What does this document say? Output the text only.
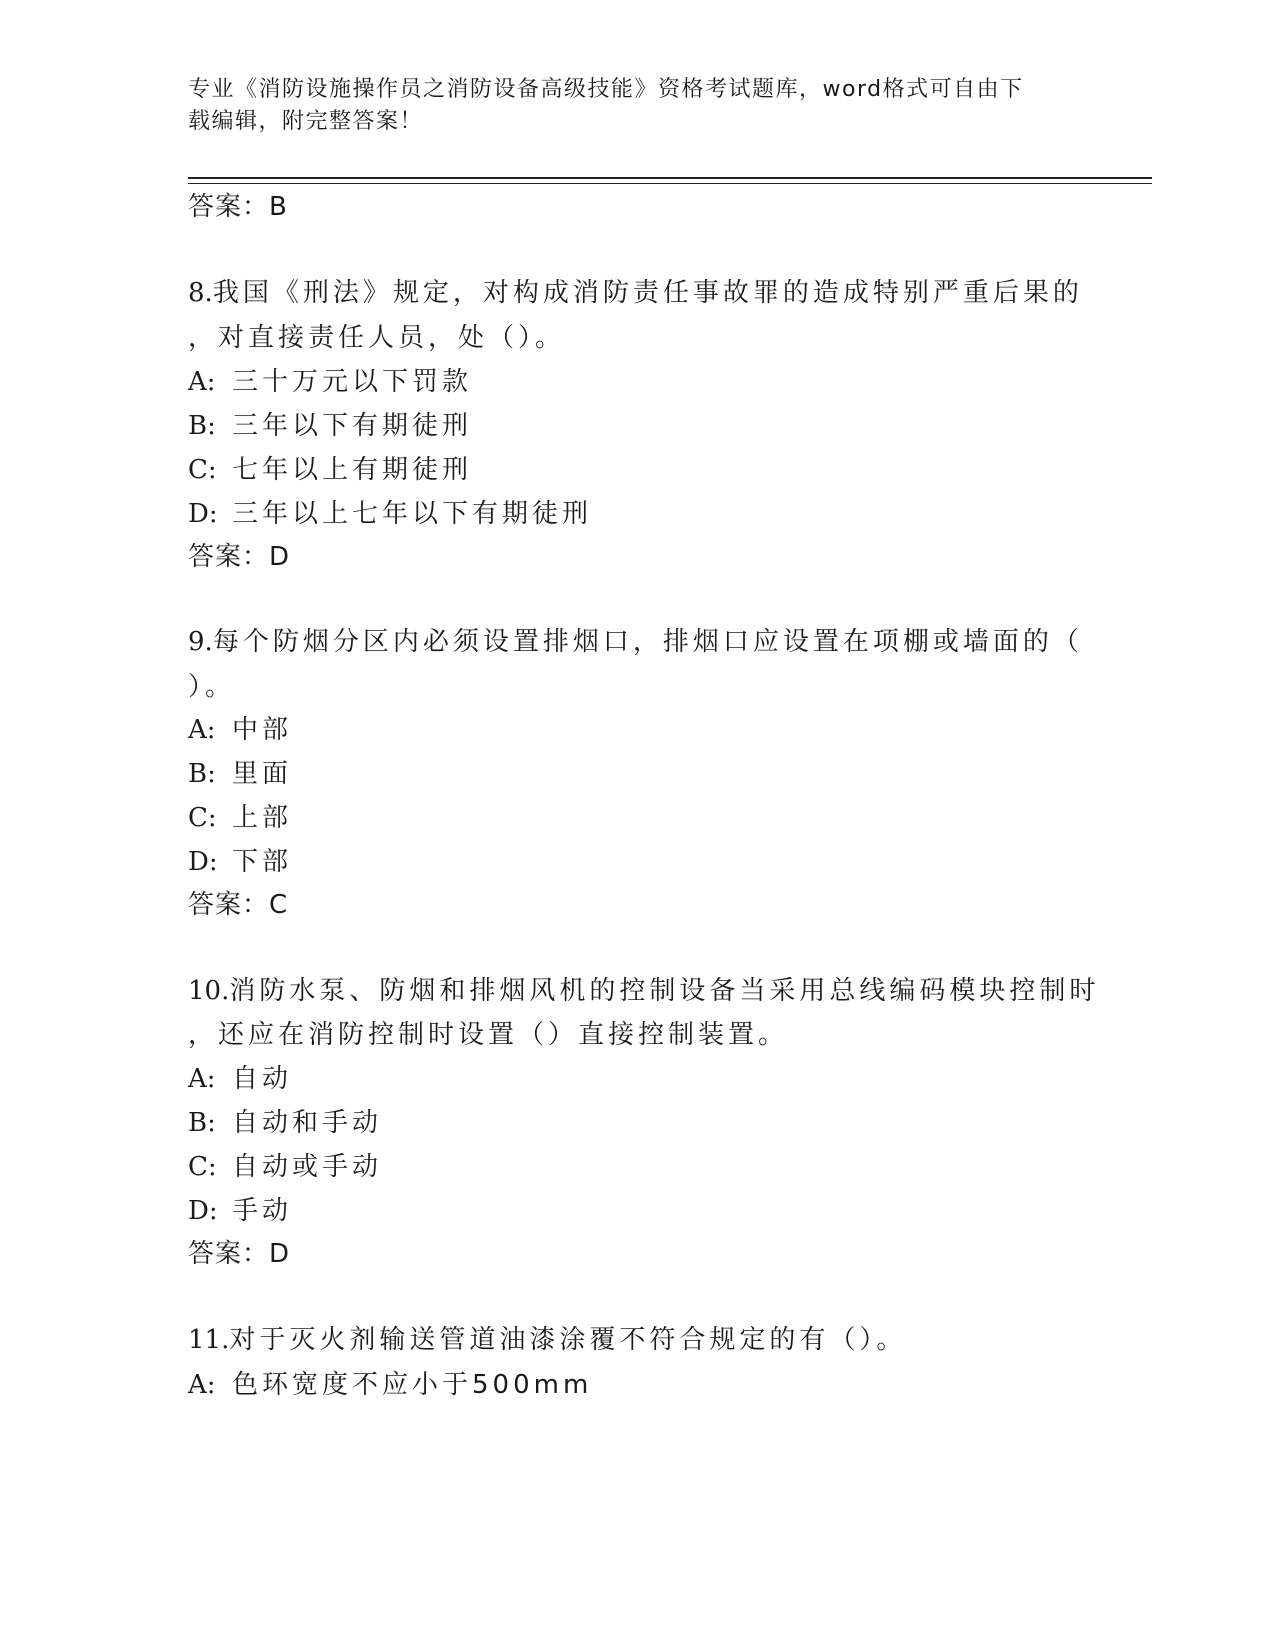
专业《消防设施操作员之消防设备高级技能》资格考试题库，word格式可自由下
载编辑，附完整答案！
答案：B
8.我国《刑法》规定，对构成消防责任事故罪的造成特别严重后果的
，对直接责任人员，处（）。
A: 三十万元以下罚款
B: 三年以下有期徒刑
C: 七年以上有期徒刑
D: 三年以上七年以下有期徒刑
答案：D
9.每个防烟分区内必须设置排烟口，排烟口应设置在项棚或墙面的（
）。
A: 中部
B: 里面
C: 上部
D: 下部
答案：C
10.消防水泵、防烟和排烟风机的控制设备当采用总线编码模块控制时
，还应在消防控制时设置（）直接控制装置。
A: 自动
B: 自动和手动
C: 自动或手动
D: 手动
答案：D
11.对于灭火剂输送管道油漆涂覆不符合规定的有（）。
A: 色环宽度不应小于500mm
